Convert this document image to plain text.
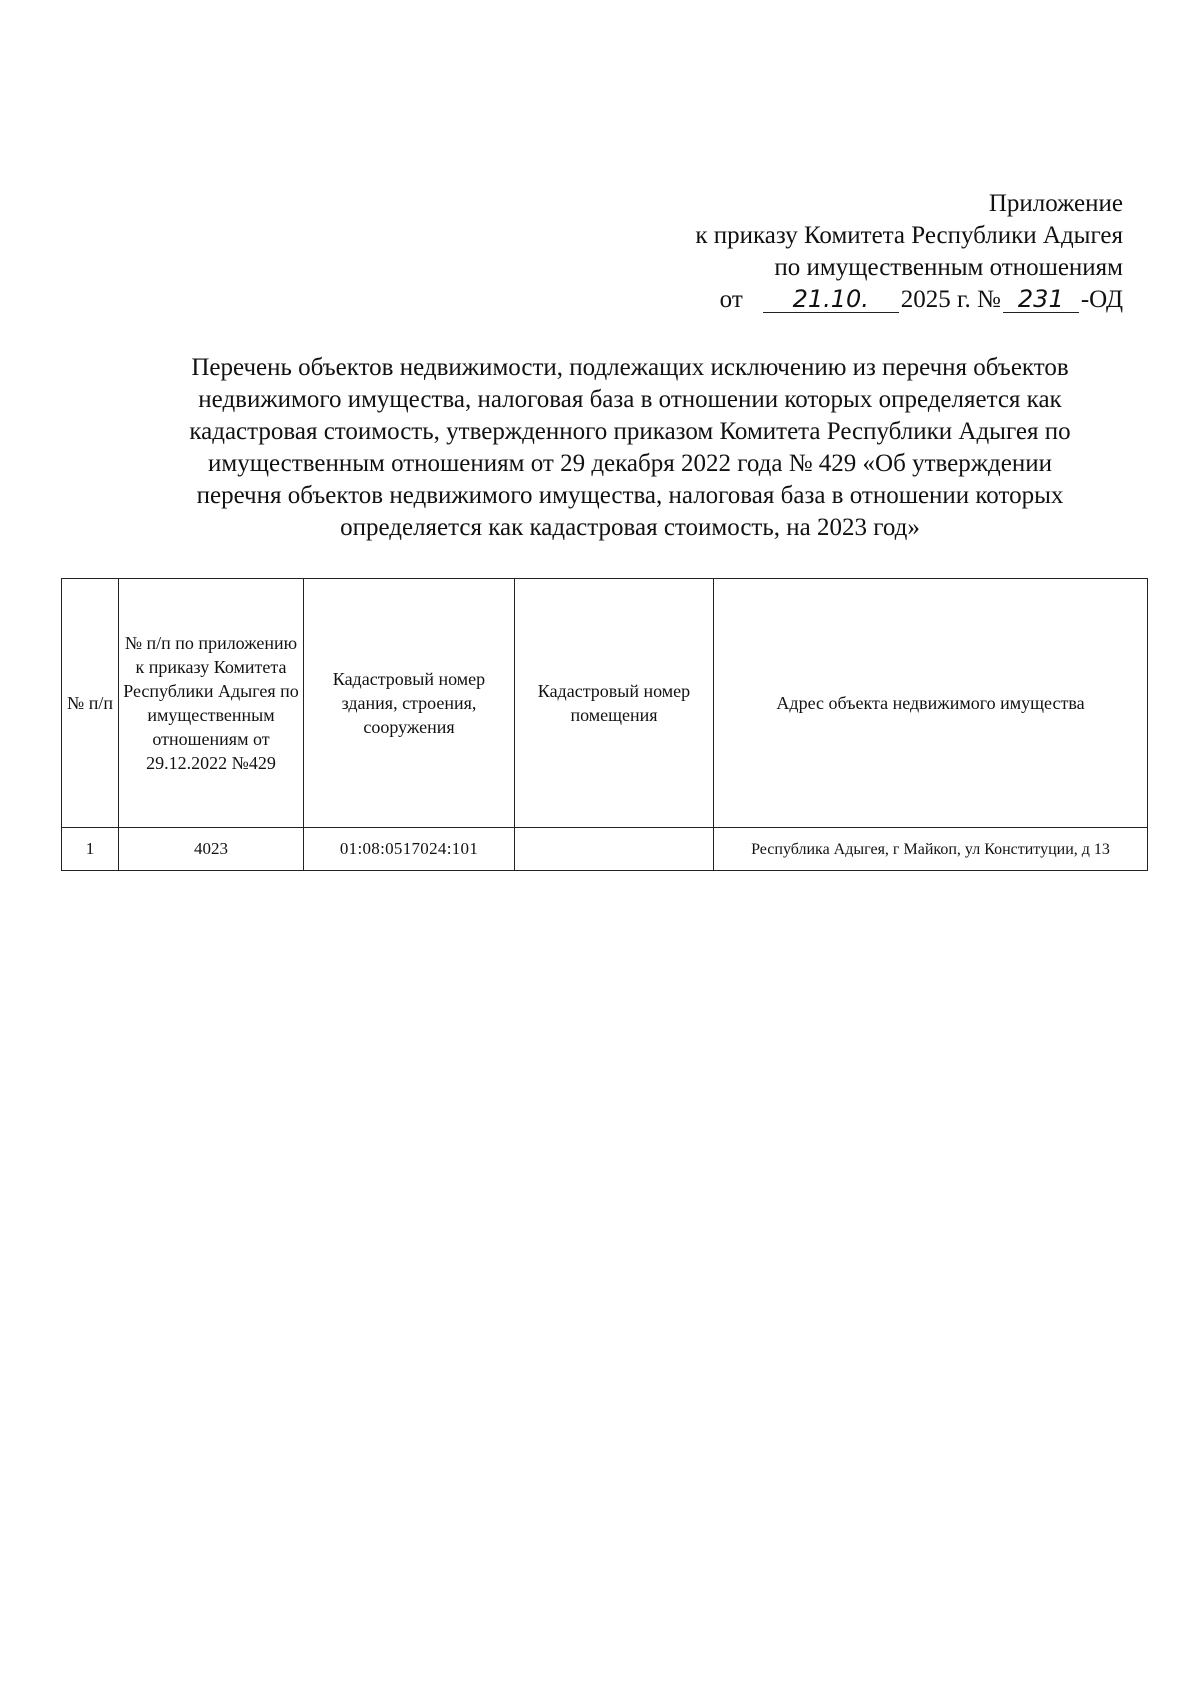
Приложение
к приказу Комитета Республики Адыгея
по имущественным отношениям
от 21.10. 2025 г. № 231 -ОД
Перечень объектов недвижимости, подлежащих исключению из перечня объектов
недвижимого имущества, налоговая база в отношении которых определяется как
кадастровая стоимость, утвержденного приказом Комитета Республики Адыгея по
имущественным отношениям от 29 декабря 2022 года № 429 «Об утверждении
перечня объектов недвижимого имущества, налоговая база в отношении которых
определяется как кадастровая стоимость, на 2023 год»
№ п/п	№ п/п по приложению к приказу Комитета Республики Адыгея по имущественным отношениям от 29.12.2022 №429	Кадастровый номер здания, строения, сооружения	Кадастровый номер помещения	Адрес объекта недвижимого имущества
1	4023	01:08:0517024:101		Республика Адыгея, г Майкоп, ул Конституции, д 13
